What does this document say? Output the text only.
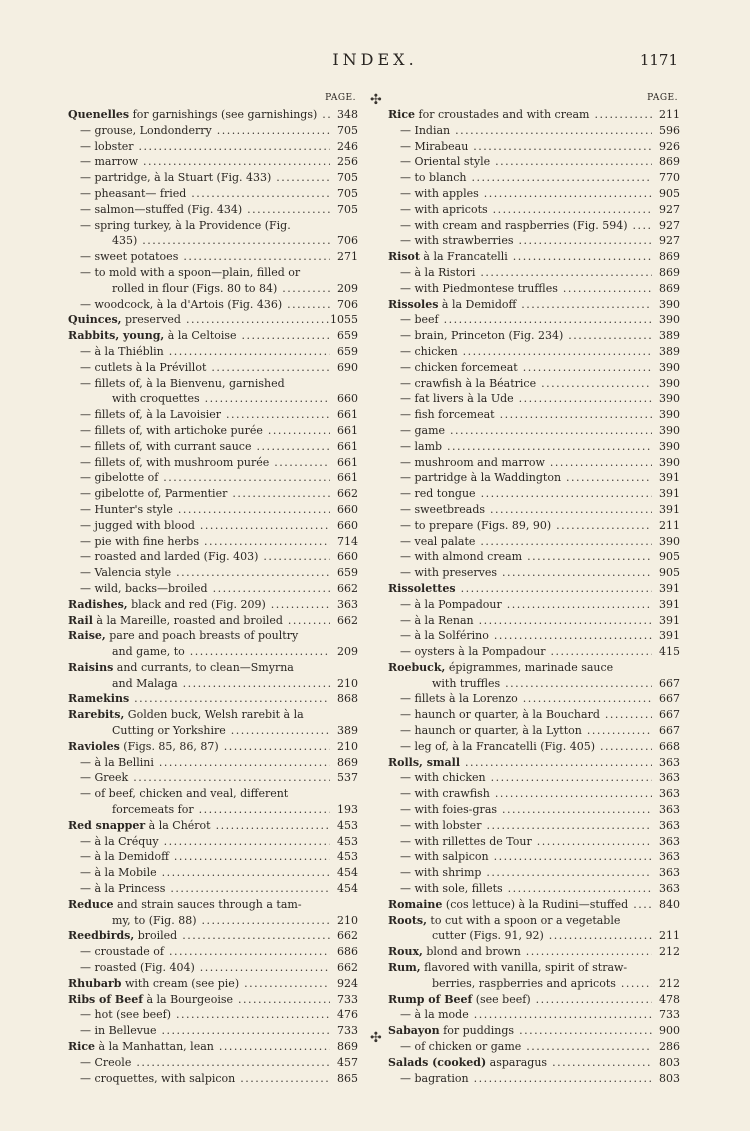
INDEX.	1171
✣
✣
PAGE.
Quenelles for garnishings (see garnishings) .....	348
— grouse, Londonderry .....	705
— lobster .....	246
— marrow .....	256
— partridge, à la Stuart (Fig. 433) .....	705
— pheasant— fried .....	705
— salmon—stuffed (Fig. 434) .....	705
— spring turkey, à la Providence (Fig.
435) .....	706
— sweet potatoes .....	271
— to mold with a spoon—plain, filled or
rolled in flour (Figs. 80 to 84) .....	209
— woodcock, à la d'Artois (Fig. 436) .....	706
Quinces, preserved .....	1055
Rabbits, young, à la Celtoise .....	659
— à la Thiéblin .....	659
— cutlets à la Prévillot .....	690
— fillets of, à la Bienvenu, garnished
with croquettes .....	660
— fillets of, à la Lavoisier .....	661
— fillets of, with artichoke purée .....	661
— fillets of, with currant sauce .....	661
— fillets of, with mushroom purée .....	661
— gibelotte of .....	661
— gibelotte of, Parmentier .....	662
— Hunter's style .....	660
— jugged with blood .....	660
— pie with fine herbs .....	714
— roasted and larded (Fig. 403) .....	660
— Valencia style .....	659
— wild, backs—broiled .....	662
Radishes, black and red (Fig. 209) .....	363
Rail à la Mareille, roasted and broiled .....	662
Raise, pare and poach breasts of poultry
and game, to .....	209
Raisins and currants, to clean—Smyrna
and Malaga .....	210
Ramekins .....	868
Rarebits, Golden buck, Welsh rarebit à la
Cutting or Yorkshire .....	389
Ravioles (Figs. 85, 86, 87) .....	210
— à la Bellini .....	869
— Greek .....	537
— of beef, chicken and veal, different
forcemeats for .....	193
Red snapper à la Chérot .....	453
— à la Créquy .....	453
— à la Demidoff .....	453
— à la Mobile .....	454
— à la Princess .....	454
Reduce and strain sauces through a tam-
my, to (Fig. 88) .....	210
Reedbirds, broiled .....	662
— croustade of .....	686
— roasted (Fig. 404) .....	662
Rhubarb with cream (see pie) .....	924
Ribs of Beef à la Bourgeoise .....	733
— hot (see beef) .....	476
— in Bellevue .....	733
Rice à la Manhattan, lean .....	869
— Creole .....	457
— croquettes, with salpicon .....	865
PAGE.
Rice for croustades and with cream .....	211
— Indian .....	596
— Mirabeau .....	926
— Oriental style .....	869
— to blanch .....	770
— with apples .....	905
— with apricots .....	927
— with cream and raspberries (Fig. 594) .....	927
— with strawberries .....	927
Risot à la Francatelli .....	869
— à la Ristori .....	869
— with Piedmontese truffles .....	869
Rissoles à la Demidoff .....	390
— beef .....	390
— brain, Princeton (Fig. 234) .....	389
— chicken .....	389
— chicken forcemeat .....	390
— crawfish à la Béatrice .....	390
— fat livers à la Ude .....	390
— fish forcemeat .....	390
— game .....	390
— lamb .....	390
— mushroom and marrow .....	390
— partridge à la Waddington .....	391
— red tongue .....	391
— sweetbreads .....	391
— to prepare (Figs. 89, 90) .....	211
— veal palate .....	390
— with almond cream .....	905
— with preserves .....	905
Rissolettes .....	391
— à la Pompadour .....	391
— à la Renan .....	391
— à la Solférino .....	391
— oysters à la Pompadour .....	415
Roebuck, épigrammes, marinade sauce
with truffles .....	667
— fillets à la Lorenzo .....	667
— haunch or quarter, à la Bouchard .....	667
— haunch or quarter, à la Lytton .....	667
— leg of, à la Francatelli (Fig. 405) .....	668
Rolls, small .....	363
— with chicken .....	363
— with crawfish .....	363
— with foies-gras .....	363
— with lobster .....	363
— with rillettes de Tour .....	363
— with salpicon .....	363
— with shrimp .....	363
— with sole, fillets .....	363
Romaine (cos lettuce) à la Rudini—stuffed .....	840
Roots, to cut with a spoon or a vegetable
cutter (Figs. 91, 92) .....	211
Roux, blond and brown .....	212
Rum, flavored with vanilla, spirit of straw-
berries, raspberries and apricots .....	212
Rump of Beef (see beef) .....	478
— à la mode .....	733
Sabayon for puddings .....	900
— of chicken or game .....	286
Salads (cooked) asparagus .....	803
— bagration .....	803
